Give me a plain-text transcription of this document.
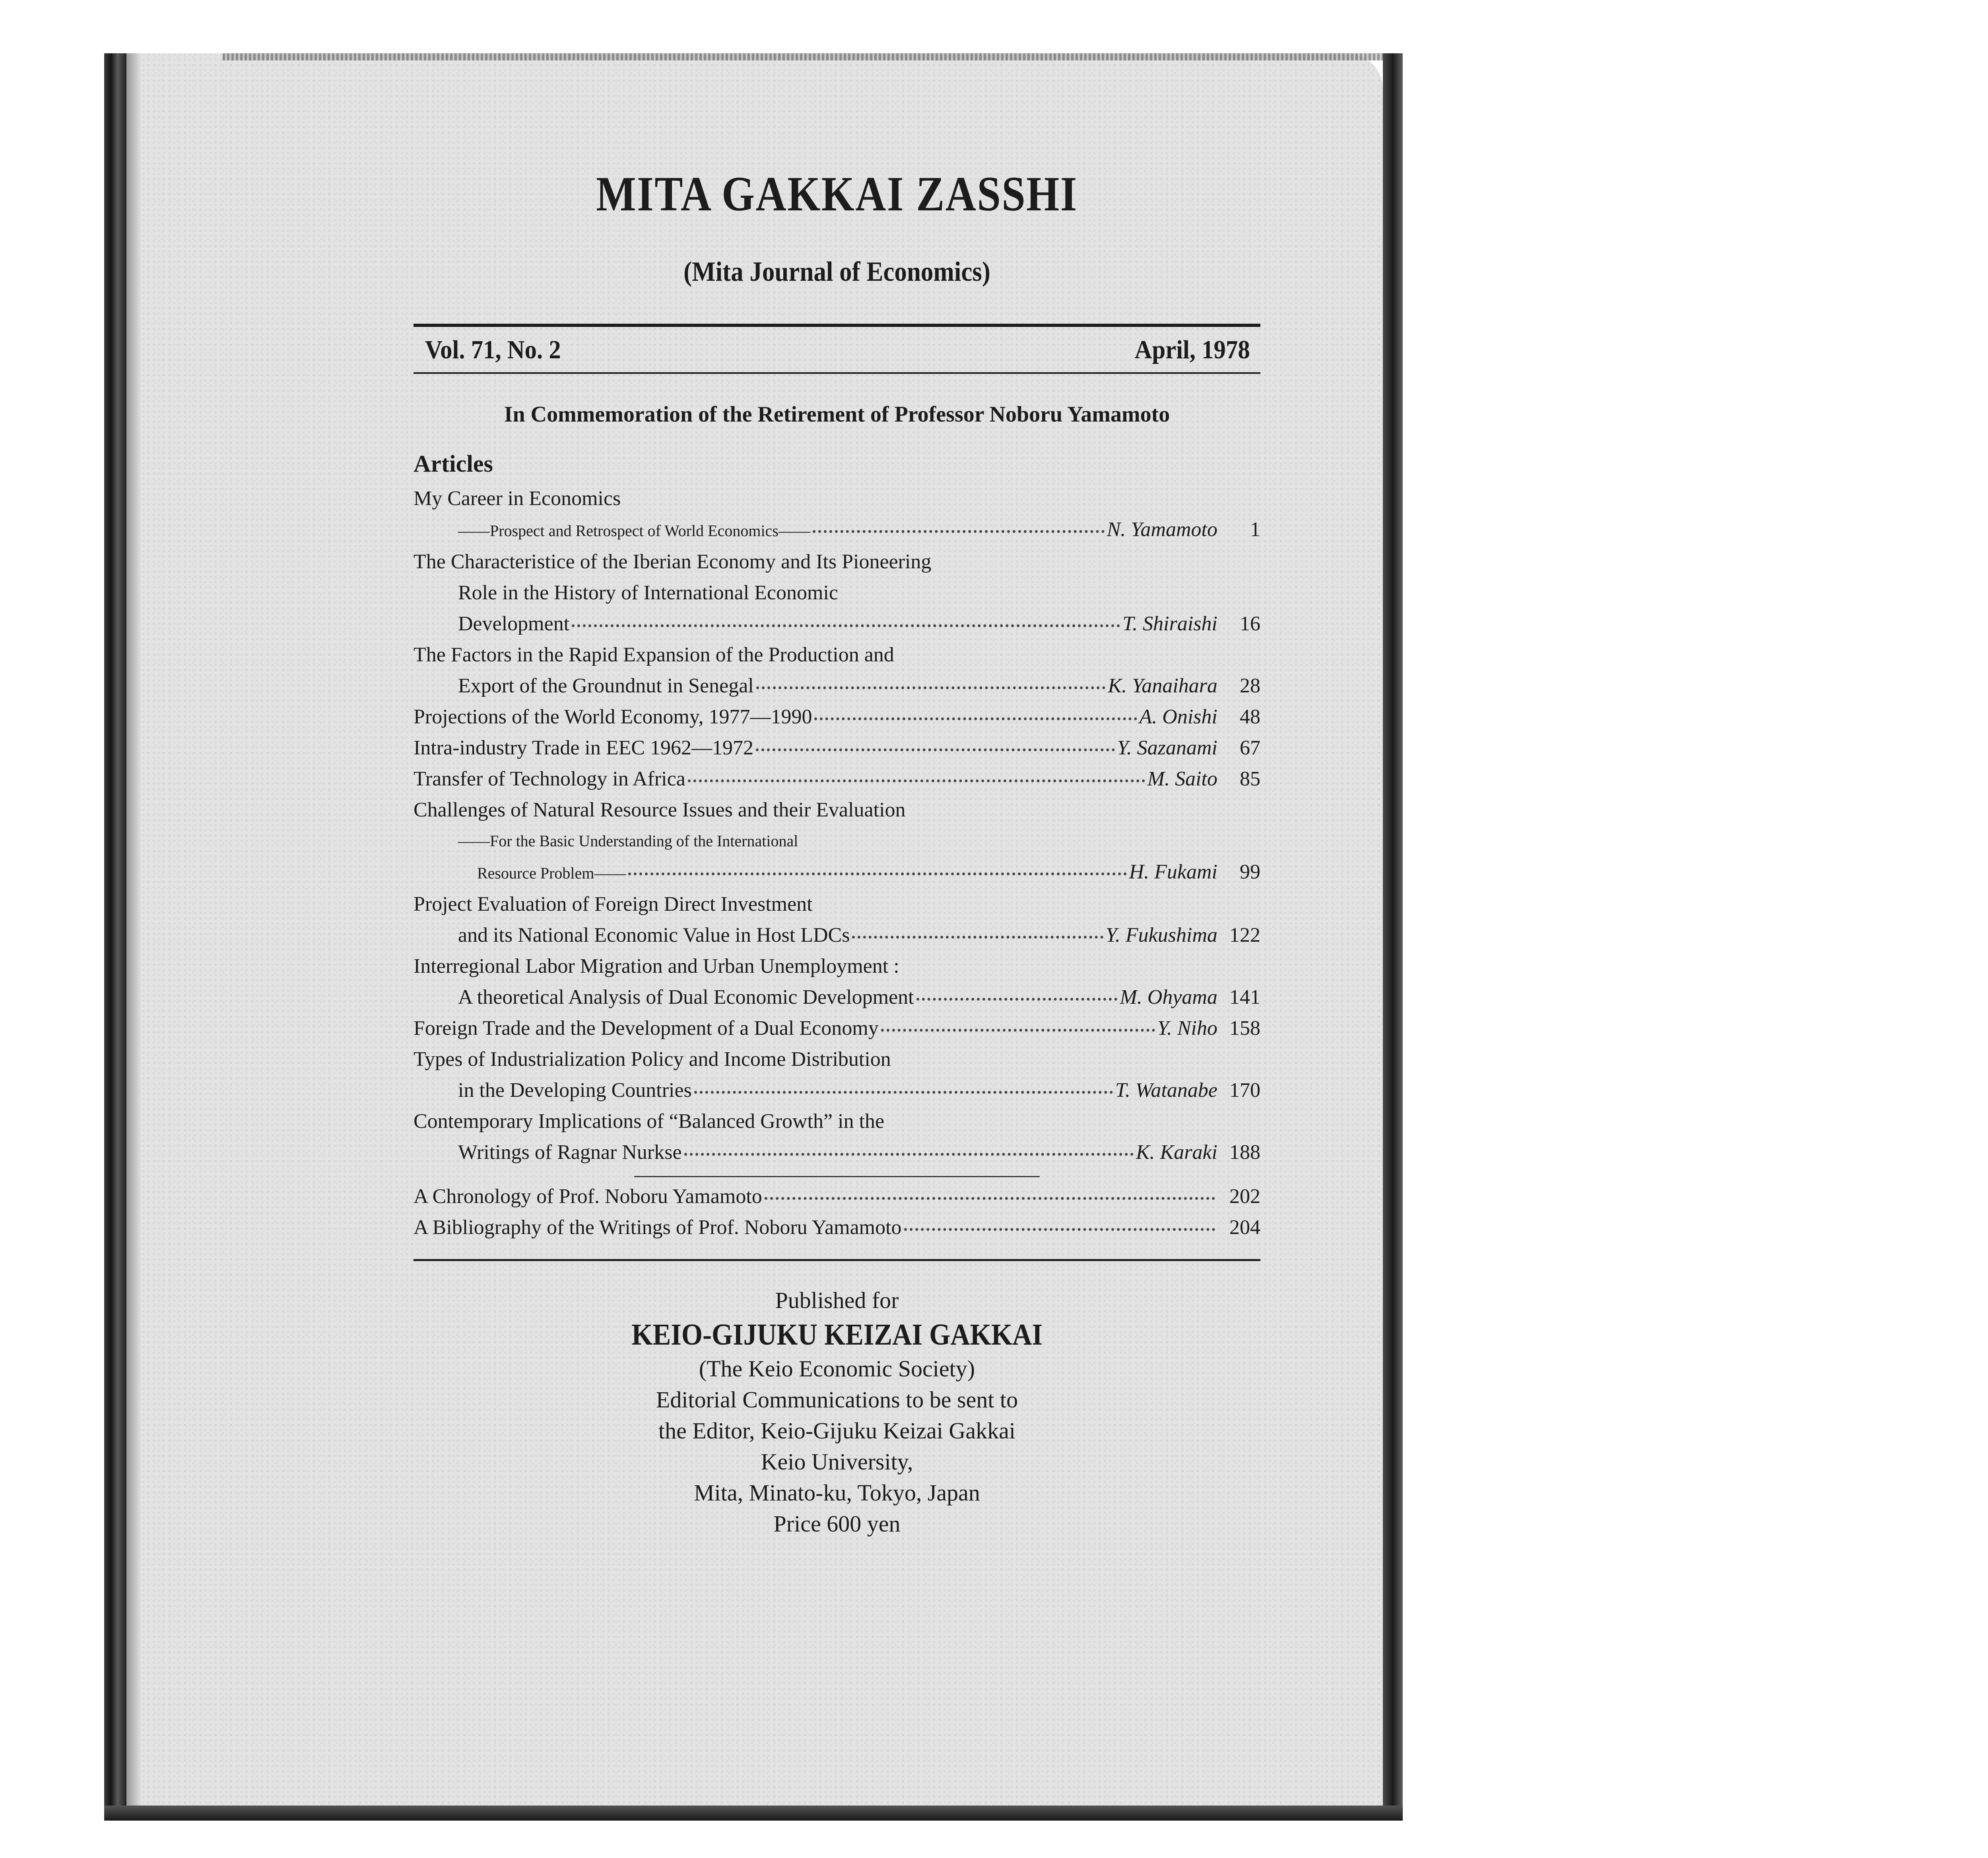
MITA GAKKAI ZASSHI
(Mita Journal of Economics)
Vol. 71, No. 2	April, 1978
In Commemoration of the Retirement of Professor Noboru Yamamoto
Articles
My Career in Economics
——Prospect and Retrospect of World Economics——	N. Yamamoto	1
The Characteristice of the Iberian Economy and Its Pioneering
Role in the History of International Economic
Development	T. Shiraishi	16
The Factors in the Rapid Expansion of the Production and
Export of the Groundnut in Senegal	K. Yanaihara	28
Projections of the World Economy, 1977—1990	A. Onishi	48
Intra-industry Trade in EEC 1962—1972	Y. Sazanami	67
Transfer of Technology in Africa	M. Saito	85
Challenges of Natural Resource Issues and their Evaluation
——For the Basic Understanding of the International
Resource Problem——	H. Fukami	99
Project Evaluation of Foreign Direct Investment
and its National Economic Value in Host LDCs	Y. Fukushima 122
Interregional Labor Migration and Urban Unemployment :
A theoretical Analysis of Dual Economic Development	M. Ohyama 141
Foreign Trade and the Development of a Dual Economy	Y. Niho 158
Types of Industrialization Policy and Income Distribution
in the Developing Countries	T. Watanabe 170
Contemporary Implications of “Balanced Growth” in the
Writings of Ragnar Nurkse	K. Karaki 188
A Chronology of Prof. Noboru Yamamoto	202
A Bibliography of the Writings of Prof. Noboru Yamamoto	204
Published for
KEIO-GIJUKU KEIZAI GAKKAI
(The Keio Economic Society)
Editorial Communications to be sent to
the Editor, Keio-Gijuku Keizai Gakkai
Keio University,
Mita, Minato-ku, Tokyo, Japan
Price 600 yen
